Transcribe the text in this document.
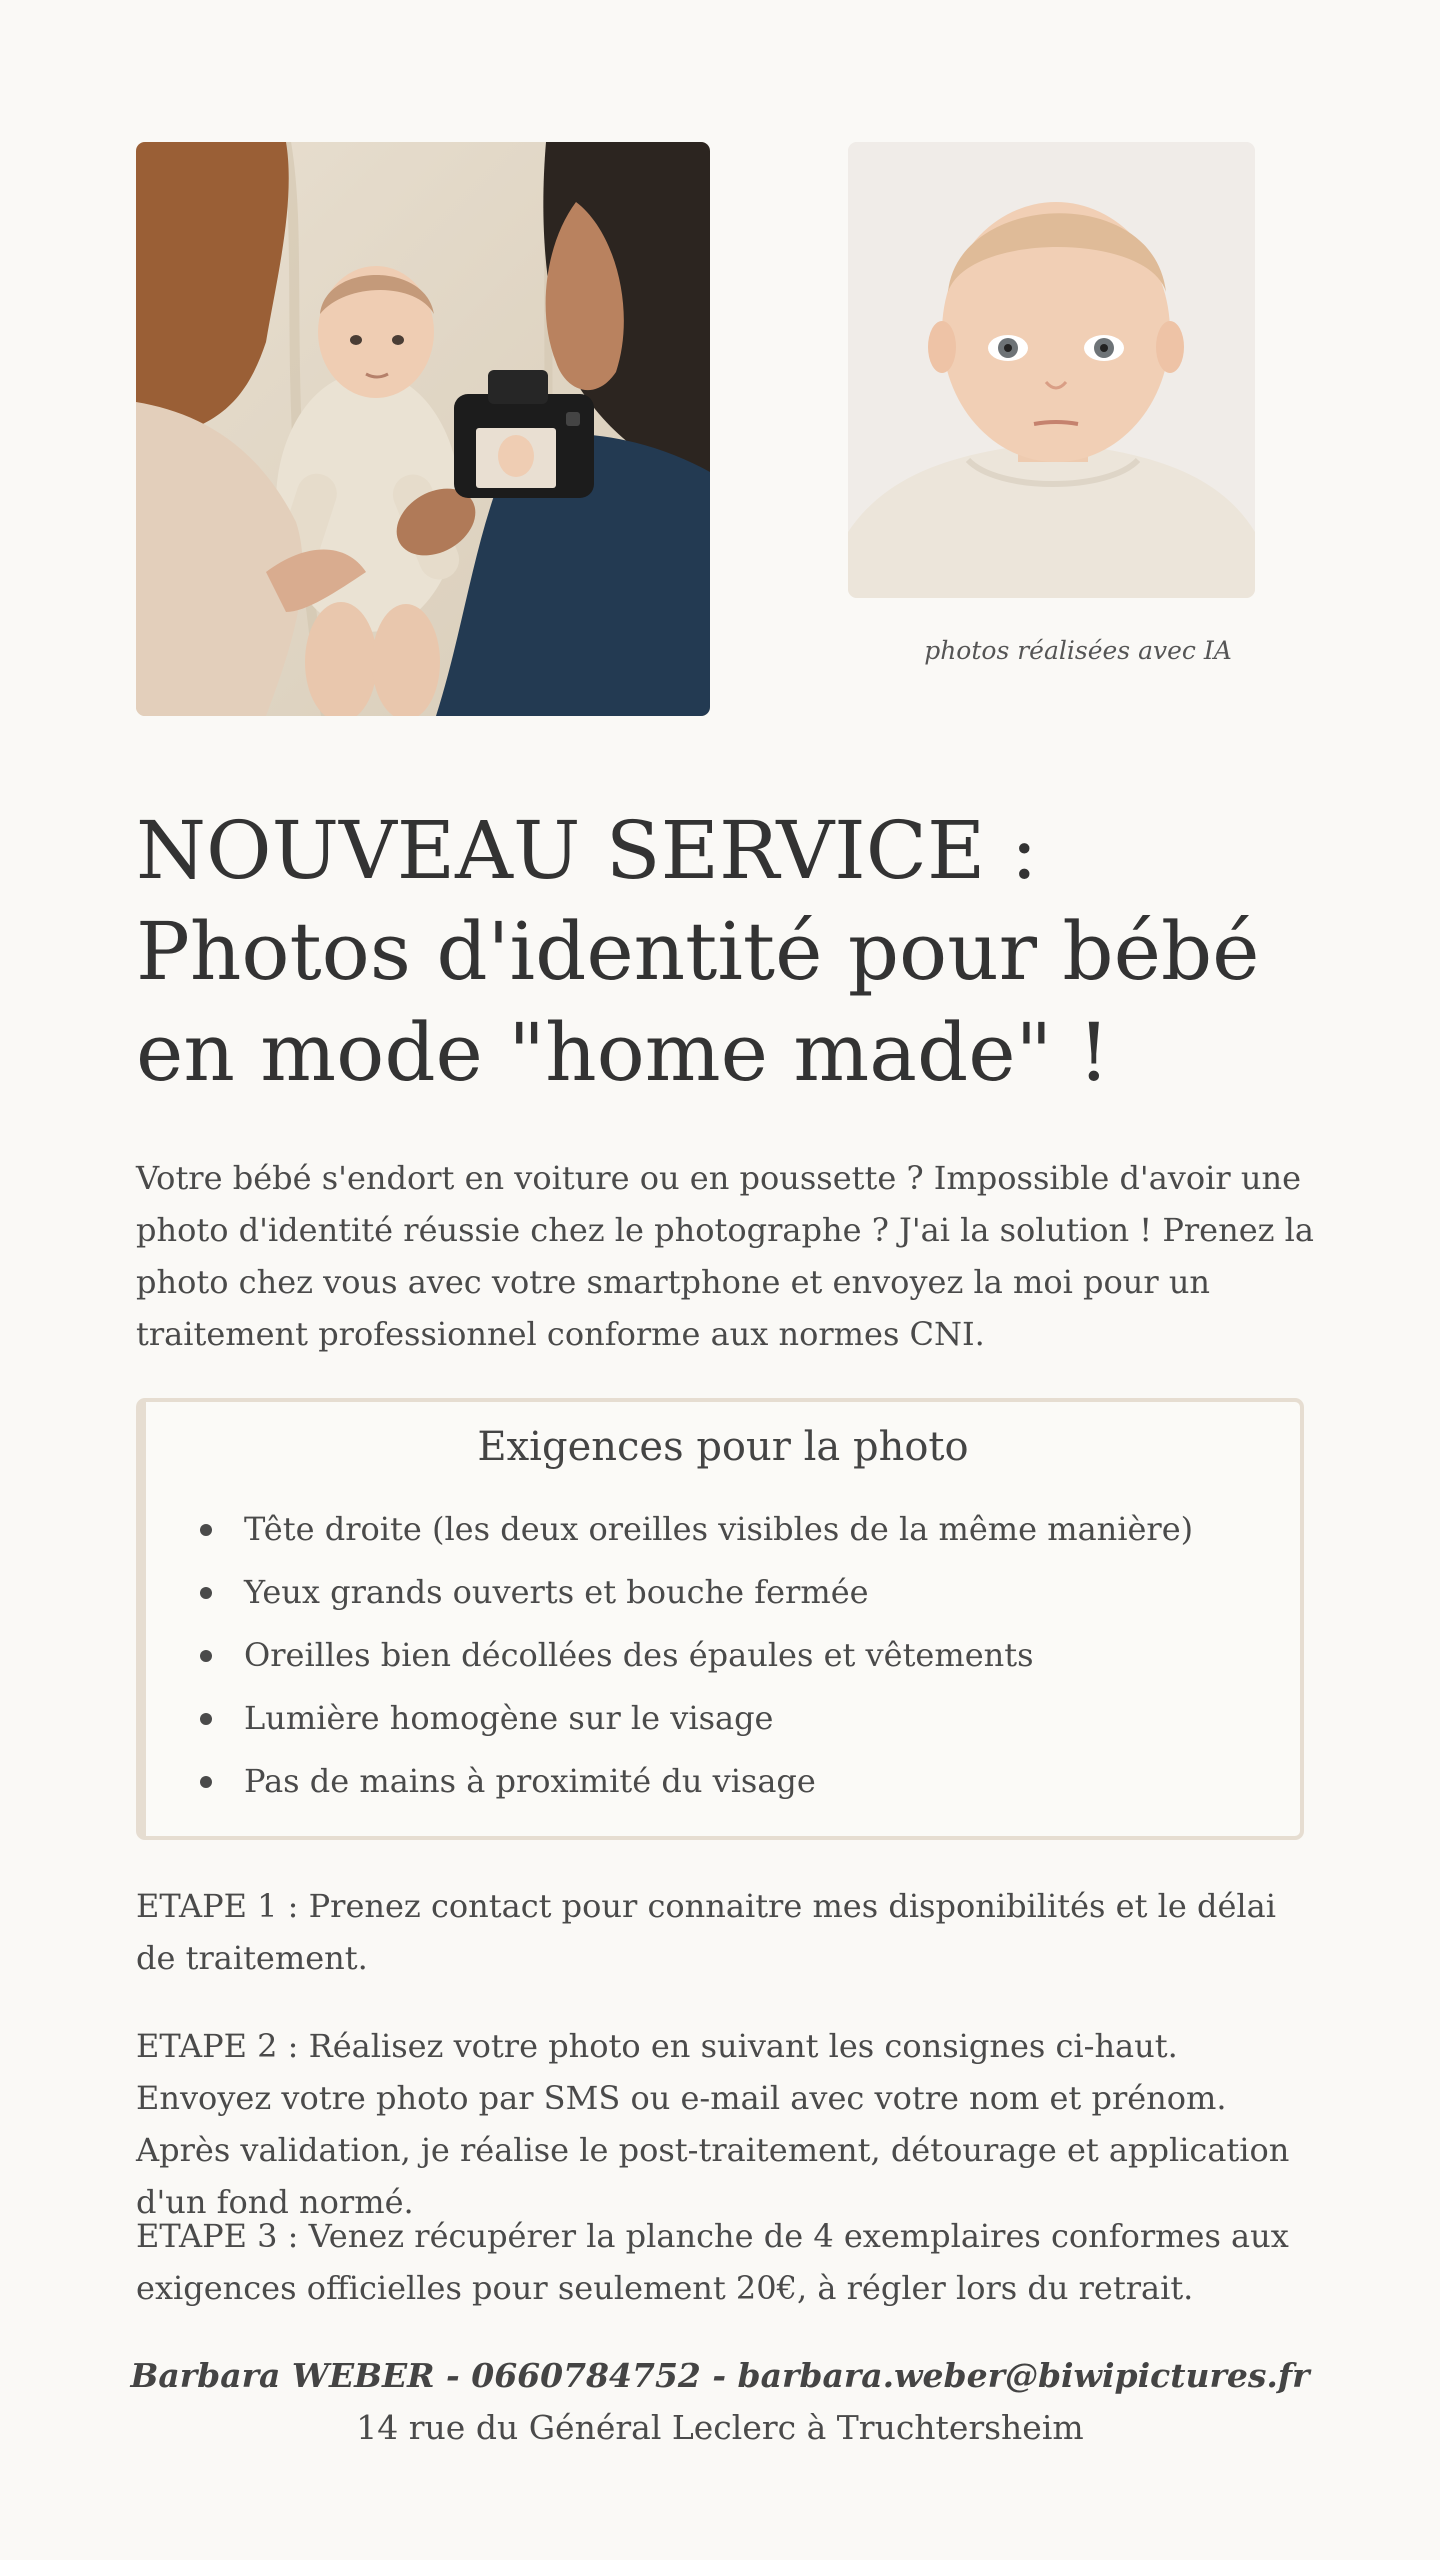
photos réalisées avec IA
NOUVEAU SERVICE : Photos d'identité pour bébé en mode "home made" !

Votre bébé s'endort en voiture ou en poussette ? Impossible d'avoir une photo d'identité réussie chez le photographe ? J'ai la solution ! Prenez la photo chez vous avec votre smartphone et envoyez la moi pour un traitement professionnel conforme aux normes CNI.

Exigences pour la photo
Tête droite (les deux oreilles visibles de la même manière)
Yeux grands ouverts et bouche fermée
Oreilles bien décollées des épaules et vêtements
Lumière homogène sur le visage
Pas de mains à proximité du visage

ETAPE 1 : Prenez contact pour connaitre mes disponibilités et le délai de traitement.

ETAPE 2 : Réalisez votre photo en suivant les consignes ci-haut. Envoyez votre photo par SMS ou e-mail avec votre nom et prénom. Après validation, je réalise le post-traitement, détourage et application d'un fond normé.

ETAPE 3 : Venez récupérer la planche de 4 exemplaires conformes aux exigences officielles pour seulement 20€, à régler lors du retrait.

Barbara WEBER - 0660784752 - barbara.weber@biwipictures.fr
14 rue du Général Leclerc à Truchtersheim
